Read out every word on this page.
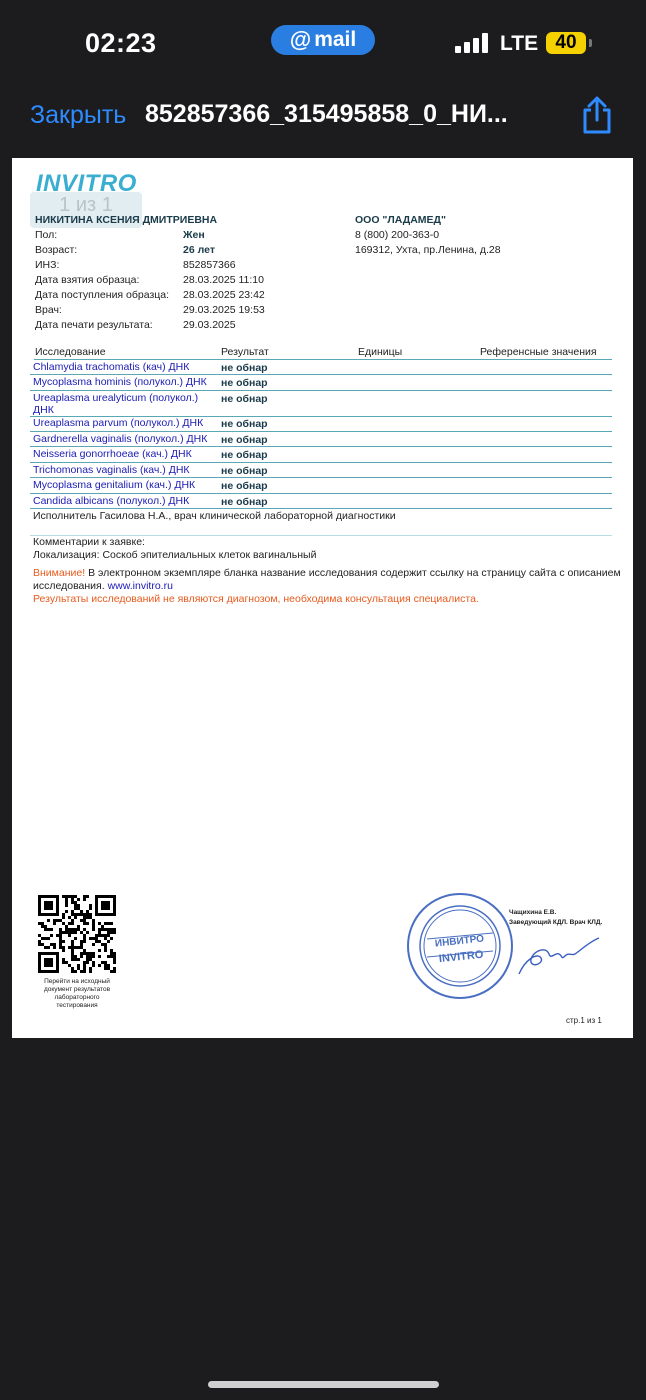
02:23	@ mail	LTE 40
Закрыть 852857366_315495858_0_НИ...
INVITRO
1 из 1
НИКИТИНА КСЕНИЯ ДМИТРИЕВНА
Пол:	Жен
Возраст:	26 лет
ИНЗ:	852857366
Дата взятия образца:	28.03.2025 11:10
Дата поступления образца: 28.03.2025 23:42
Врач:	29.03.2025 19:53
Дата печати результата:	29.03.2025
ООО "ЛАДАМЕД"
8 (800) 200-363-0
169312, Ухта, пр.Ленина, д.28
Исследование	Результат	Единицы	Референсные значения
Chlamydia trachomatis (кач) ДНК	не обнар
Mycoplasma hominis (полукол.) ДНК не обнар
Ureaplasma urealyticum (полукол.)
ДНК
не обнар
Ureaplasma parvum (полукол.) ДНК не обнар
Gardnerella vaginalis (полукол.) ДНК не обнар
Neisseria gonorrhoeae (кач.) ДНК	не обнар
Trichomonas vaginalis (кач.) ДНК	не обнар
Mycoplasma genitalium (кач.) ДНК не обнар
Candida albicans (полукол.) ДНК	не обнар
Исполнитель Гасилова Н.А., врач клинической лабораторной диагностики
Комментарии к заявке:
Локализация: Соскоб эпителиальных клеток вагинальный
Внимание! В электронном экземпляре бланка название исследования содержит ссылку на страницу сайта с описанием
исследования. www.invitro.ru
Результаты исследований не являются диагнозом, необходима консультация специалиста.
Перейти на исходный
документ результатов
лабораторного тестирования
ИНВИТРО
INVITRO
Чащихина Е.В.
Заведующий КДЛ. Врач КЛД.
стр.1 из 1
